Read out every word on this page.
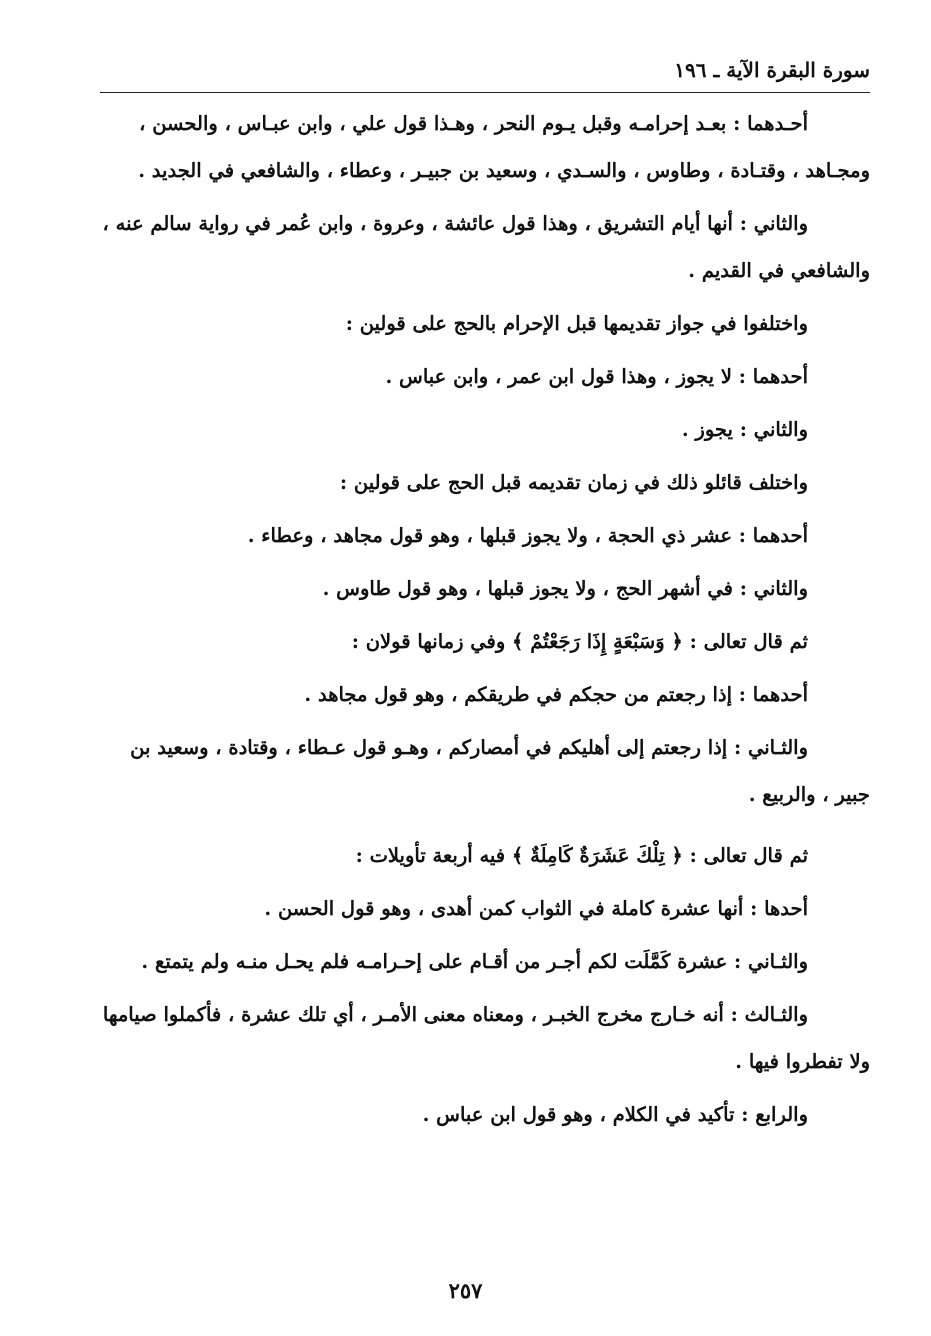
سورة البقرة الآية ـ ١٩٦

أحـدهما : بعـد إحرامـه وقبل يـوم النحر ، وهـذا قول علي ، وابن عبـاس ، والحسن ، ومجـاهد ، وقتـادة ، وطاوس ، والسـدي ، وسعيد بن جبيـر ، وعطاء ، والشافعي في الجديد .

والثاني : أنها أيام التشريق ، وهذا قول عائشة ، وعروة ، وابن عُمر في رواية سالم عنه ، والشافعي في القديم .

واختلفوا في جواز تقديمها قبل الإحرام بالحج على قولين :

أحدهما : لا يجوز ، وهذا قول ابن عمر ، وابن عباس .

والثاني : يجوز .

واختلف قائلو ذلك في زمان تقديمه قبل الحج على قولين :

أحدهما : عشر ذي الحجة ، ولا يجوز قبلها ، وهو قول مجاهد ، وعطاء .

والثاني : في أشهر الحج ، ولا يجوز قبلها ، وهو قول طاوس .

ثم قال تعالى : ﴿ وَسَبْعَةٍ إِذَا رَجَعْتُمْ ﴾ وفي زمانها قولان :

أحدهما : إذا رجعتم من حجكم في طريقكم ، وهو قول مجاهد .

والثـاني : إذا رجعتم إلى أهليكم في أمصاركم ، وهـو قول عـطاء ، وقتادة ، وسعيد بن جبير ، والربيع .

ثم قال تعالى : ﴿ تِلْكَ عَشَرَةٌ كَامِلَةٌ ﴾ فيه أربعة تأويلات :

أحدها : أنها عشرة كاملة في الثواب كمن أهدى ، وهو قول الحسن .

والثـاني : عشرة كَمَّلَت لكم أجـر من أقـام على إحـرامـه فلم يحـل منـه ولم يتمتع .

والثـالث : أنه خـارج مخرج الخبـر ، ومعناه معنى الأمـر ، أي تلك عشرة ، فأكملوا صيامها ولا تفطروا فيها .

والرابع : تأكيد في الكلام ، وهو قول ابن عباس .

٢٥٧
